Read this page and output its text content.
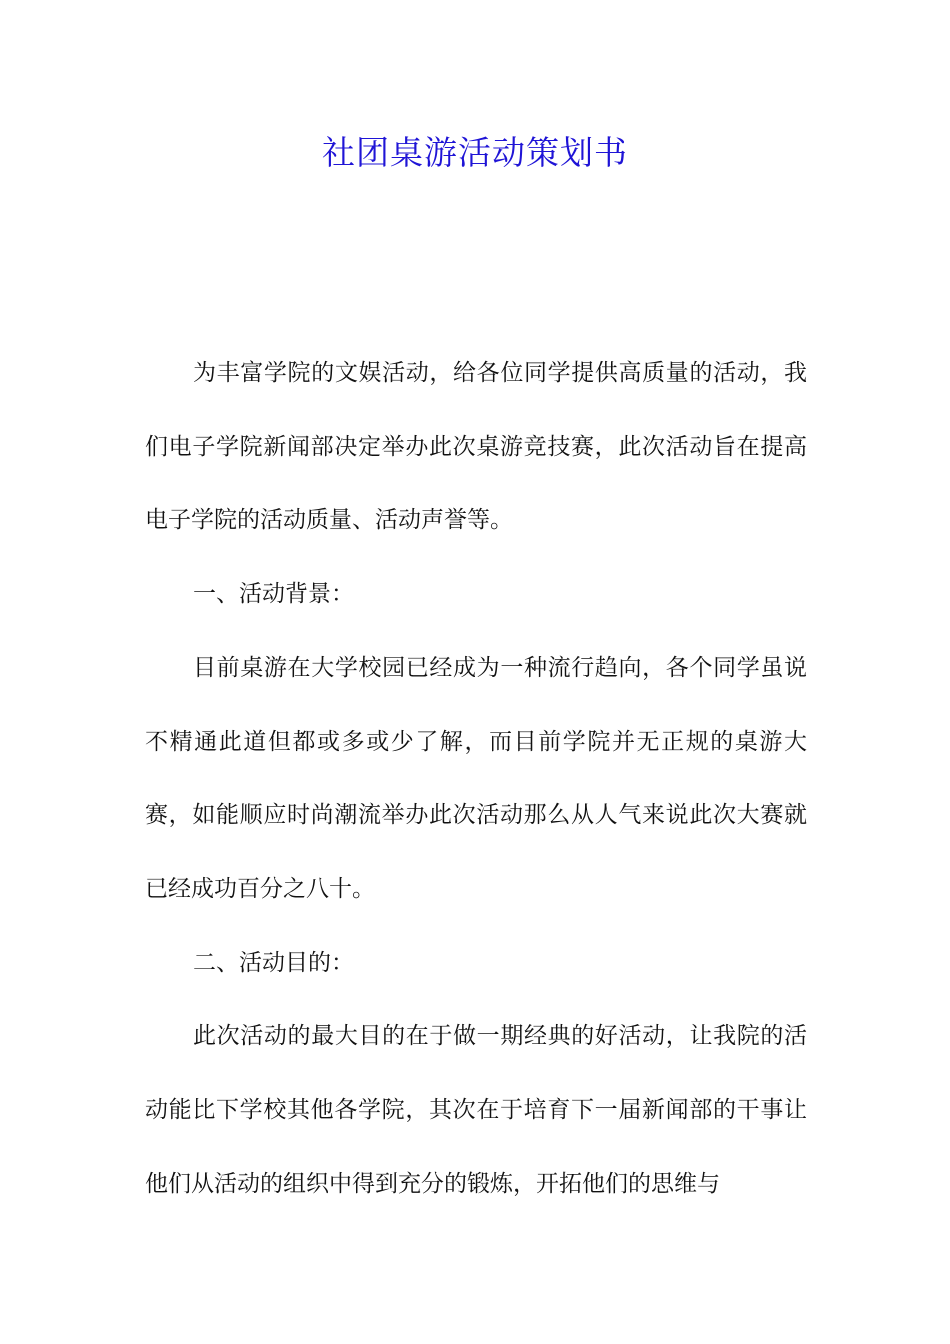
社团桌游活动策划书

为丰富学院的文娱活动，给各位同学提供高质量的活动，我们电子学院新闻部决定举办此次桌游竞技赛，此次活动旨在提高电子学院的活动质量、活动声誉等。

一、活动背景：

目前桌游在大学校园已经成为一种流行趋向，各个同学虽说不精通此道但都或多或少了解，而目前学院并无正规的桌游大赛，如能顺应时尚潮流举办此次活动那么从人气来说此次大赛就已经成功百分之八十。

二、活动目的：

此次活动的最大目的在于做一期经典的好活动，让我院的活动能比下学校其他各学院，其次在于培育下一届新闻部的干事让他们从活动的组织中得到充分的锻炼，开拓他们的思维与
